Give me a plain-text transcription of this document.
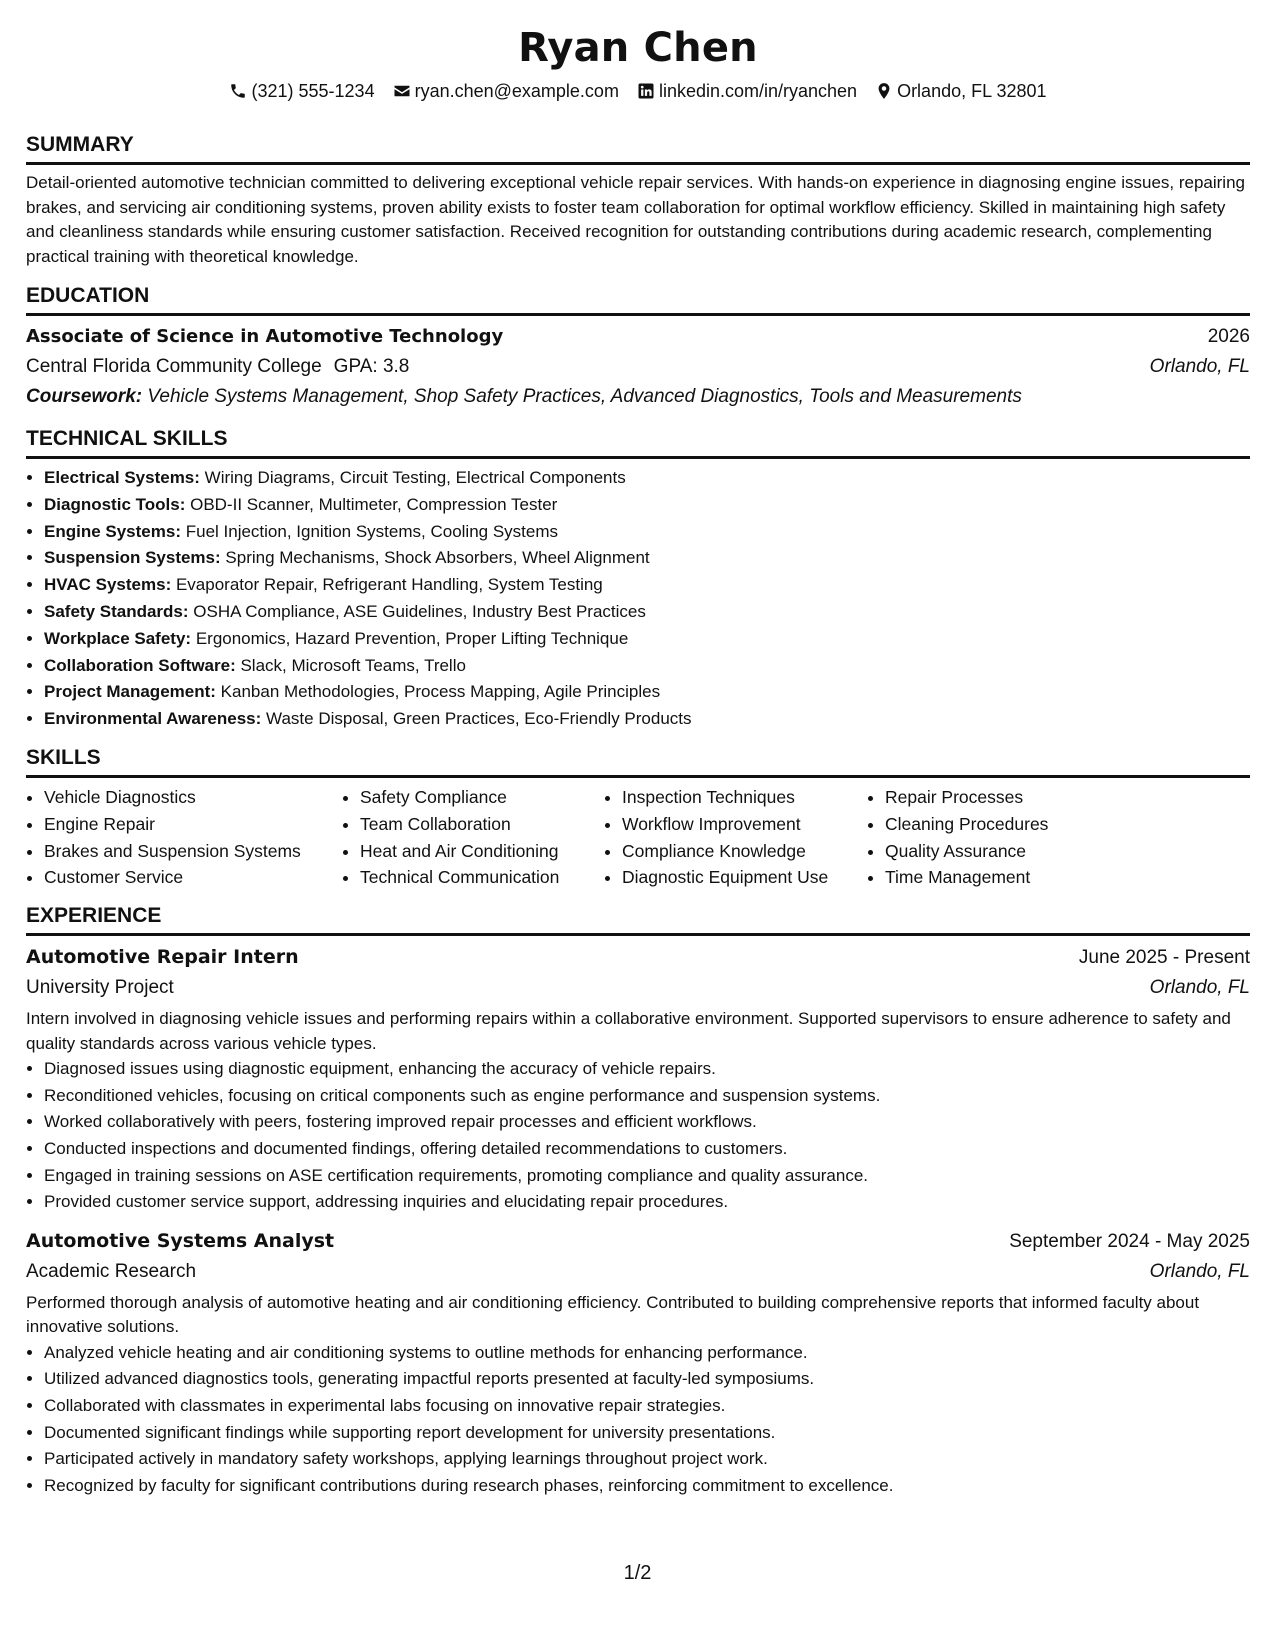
Ryan Chen
(321) 555-1234 ryan.chen@example.com linkedin.com/in/ryanchen Orlando, FL 32801
SUMMARY
Detail-oriented automotive technician committed to delivering exceptional vehicle repair services. With hands-on experience in diagnosing engine issues, repairing brakes, and servicing air conditioning systems, proven ability exists to foster team collaboration for optimal workflow efficiency. Skilled in maintaining high safety and cleanliness standards while ensuring customer satisfaction. Received recognition for outstanding contributions during academic research, complementing practical training with theoretical knowledge.
EDUCATION
Associate of Science in Automotive Technology	2026
Central Florida Community College GPA: 3.8	Orlando, FL
Coursework: Vehicle Systems Management, Shop Safety Practices, Advanced Diagnostics, Tools and Measurements
TECHNICAL SKILLS
• Electrical Systems: Wiring Diagrams, Circuit Testing, Electrical Components
• Diagnostic Tools: OBD-II Scanner, Multimeter, Compression Tester
• Engine Systems: Fuel Injection, Ignition Systems, Cooling Systems
• Suspension Systems: Spring Mechanisms, Shock Absorbers, Wheel Alignment
• HVAC Systems: Evaporator Repair, Refrigerant Handling, System Testing
• Safety Standards: OSHA Compliance, ASE Guidelines, Industry Best Practices
• Workplace Safety: Ergonomics, Hazard Prevention, Proper Lifting Technique
• Collaboration Software: Slack, Microsoft Teams, Trello
• Project Management: Kanban Methodologies, Process Mapping, Agile Principles
• Environmental Awareness: Waste Disposal, Green Practices, Eco-Friendly Products
SKILLS
• Vehicle Diagnostics
• Engine Repair
• Brakes and Suspension Systems
• Customer Service
• Safety Compliance
• Team Collaboration
• Heat and Air Conditioning
• Technical Communication
• Inspection Techniques
• Workflow Improvement
• Compliance Knowledge
• Diagnostic Equipment Use
• Repair Processes
• Cleaning Procedures
• Quality Assurance
• Time Management
EXPERIENCE
Automotive Repair Intern	June 2025 - Present
University Project	Orlando, FL
Intern involved in diagnosing vehicle issues and performing repairs within a collaborative environment. Supported supervisors to ensure adherence to safety and quality standards across various vehicle types.
• Diagnosed issues using diagnostic equipment, enhancing the accuracy of vehicle repairs.
• Reconditioned vehicles, focusing on critical components such as engine performance and suspension systems.
• Worked collaboratively with peers, fostering improved repair processes and efficient workflows.
• Conducted inspections and documented findings, offering detailed recommendations to customers.
• Engaged in training sessions on ASE certification requirements, promoting compliance and quality assurance.
• Provided customer service support, addressing inquiries and elucidating repair procedures.
Automotive Systems Analyst	September 2024 - May 2025
Academic Research	Orlando, FL
Performed thorough analysis of automotive heating and air conditioning efficiency. Contributed to building comprehensive reports that informed faculty about innovative solutions.
• Analyzed vehicle heating and air conditioning systems to outline methods for enhancing performance.
• Utilized advanced diagnostics tools, generating impactful reports presented at faculty-led symposiums.
• Collaborated with classmates in experimental labs focusing on innovative repair strategies.
• Documented significant findings while supporting report development for university presentations.
• Participated actively in mandatory safety workshops, applying learnings throughout project work.
• Recognized by faculty for significant contributions during research phases, reinforcing commitment to excellence.
1/2
